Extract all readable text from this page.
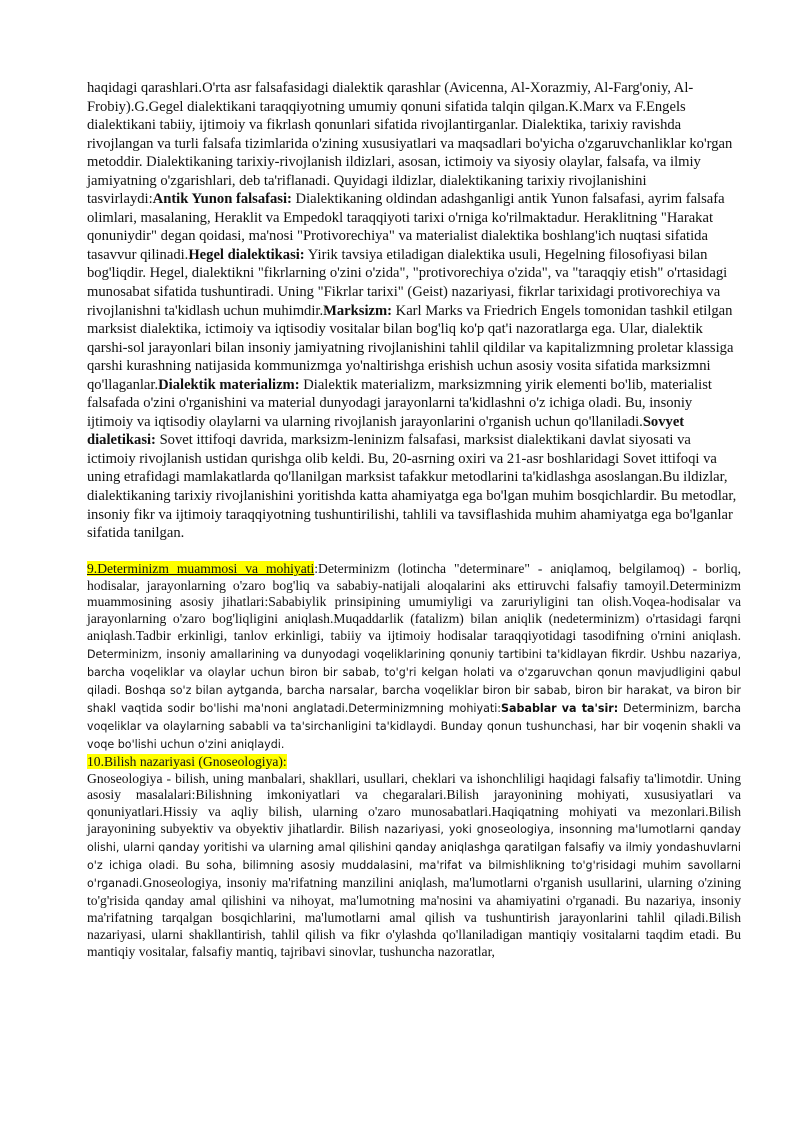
haqidagi qarashlari.O'rta asr falsafasidagi dialektik qarashlar (Avicenna, Al-Xorazmiy, Al-Farg'oniy, Al-Frobiy).G.Gegel dialektikani taraqqiyotning umumiy qonuni sifatida talqin qilgan.K.Marx va F.Engels dialektikani tabiiy, ijtimoiy va fikrlash qonunlari sifatida rivojlantirganlar. Dialektika, tarixiy ravishda rivojlangan va turli falsafa tizimlarida o'zining xususiyatlari va maqsadlari bo'yicha o'zgaruvchanliklar ko'rgan metoddir. Dialektikaning tarixiy-rivojlanish ildizlari, asosan, ictimoiy va siyosiy olaylar, falsafa, va ilmiy jamiyatning o'zgarishlari, deb ta'riflanadi. Quyidagi ildizlar, dialektikaning tarixiy rivojlanishini tasvirlaydi:Antik Yunon falsafasi: Dialektikaning oldindan adashganligi antik Yunon falsafasi, ayrim falsafa olimlari, masalaning, Heraklit va Empedokl taraqqiyoti tarixi o'rniga ko'rilmaktadur. Heraklitning "Harakat qonuniydir" degan qoidasi, ma'nosi "Protivorechiya" va materialist dialektika boshlang'ich nuqtasi sifatida tasavvur qilinadi.Hegel dialektikasi: Yirik tavsiya etiladigan dialektika usuli, Hegelning filosofiyasi bilan bog'liqdir. Hegel, dialektikni "fikrlarning o'zini o'zida", "protivorechiya o'zida", va "taraqqiy etish" o'rtasidagi munosabat sifatida tushuntiradi. Uning "Fikrlar tarixi" (Geist) nazariyasi, fikrlar tarixidagi protivorechiya va rivojlanishni ta'kidlash uchun muhimdir.Marksizm: Karl Marks va Friedrich Engels tomonidan tashkil etilgan marksist dialektika, ictimoiy va iqtisodiy vositalar bilan bog'liq ko'p qat'i nazoratlarga ega. Ular, dialektik qarshi-sol jarayonlari bilan insoniy jamiyatning rivojlanishini tahlil qildilar va kapitalizmning proletar klassiga qarshi kurashning natijasida kommunizmga yo'naltirishga erishish uchun asosiy vosita sifatida marksizmni qo'llaganlar.Dialektik materializm: Dialektik materializm, marksizmning yirik elementi bo'lib, materialist falsafada o'zini o'rganishini va material dunyodagi jarayonlarni ta'kidlashni o'z ichiga oladi. Bu, insoniy ijtimoiy va iqtisodiy olaylarni va ularning rivojlanish jarayonlarini o'rganish uchun qo'llaniladi.Sovyet dialetikasi: Sovet ittifoqi davrida, marksizm-leninizm falsafasi, marksist dialektikani davlat siyosati va ictimoiy rivojlanish ustidan qurishga olib keldi. Bu, 20-asrning oxiri va 21-asr boshlaridagi Sovet ittifoqi va uning etrafidagi mamlakatlarda qo'llanilgan marksist tafakkur metodlarini ta'kidlashga asoslangan.Bu ildizlar, dialektikaning tarixiy rivojlanishini yoritishda katta ahamiyatga ega bo'lgan muhim bosqichlardir. Bu metodlar, insoniy fikr va ijtimoiy taraqqiyotning tushuntirilishi, tahlili va tavsiflashida muhim ahamiyatga ega bo'lganlar sifatida tanilgan.
9.Determinizm muammosi va mohiyati:Determinizm (lotincha "determinare" - aniqlamoq, belgilamoq) - borliq, hodisalar, jarayonlarning o'zaro bog'liq va sababiy-natijali aloqalarini aks ettiruvchi falsafiy tamoyil.Determinizm muammosining asosiy jihatlari:Sababiylik prinsipining umumiyligi va zaruriyligini tan olish.Voqea-hodisalar va jarayonlarning o'zaro bog'liqligini aniqlash.Muqaddarlik (fatalizm) bilan aniqlik (nedeterminizm) o'rtasidagi farqni aniqlash.Tadbir erkinligi, tanlov erkinligi, tabiiy va ijtimoiy hodisalar taraqqiyotidagi tasodifning o'rnini aniqlash. Determinizm, insoniy amallarining va dunyodagi voqeliklarining qonuniy tartibini ta'kidlayan fikrdir. Ushbu nazariya, barcha voqeliklar va olaylar uchun biron bir sabab, to'g'ri kelgan holati va o'zgaruvchan qonun mavjudligini qabul qiladi. Boshqa so'z bilan aytganda, barcha narsalar, barcha voqeliklar biron bir sabab, biron bir harakat, va biron bir shakl vaqtida sodir bo'lishi ma'noni anglatadi.Determinizmning mohiyati:Sabablar va ta'sir: Determinizm, barcha voqeliklar va olaylarning sababli va ta'sirchanligini ta'kidlaydi. Bunday qonun tushunchasi, har bir voqenin shakli va voqe bo'lishi uchun o'zini aniqlaydi.
10.Bilish nazariyasi (Gnoseologiya):
Gnoseologiya - bilish, uning manbalari, shakllari, usullari, cheklari va ishonchliligi haqidagi falsafiy ta'limotdir. Uning asosiy masalalari:Bilishning imkoniyatlari va chegaralari.Bilish jarayonining mohiyati, xususiyatlari va qonuniyatlari.Hissiy va aqliy bilish, ularning o'zaro munosabatlari.Haqiqatning mohiyati va mezonlari.Bilish jarayonining subyektiv va obyektiv jihatlardir. Bilish nazariyasi, yoki gnoseologiya, insonning ma'lumotlarni qanday olishi, ularni qanday yoritishi va ularning amal qilishini qanday aniqlashga qaratilgan falsafiy va ilmiy yondashuvlarni o'z ichiga oladi. Bu soha, bilimning asosiy muddalasini, ma'rifat va bilmishlikning to'g'risidagi muhim savollarni o'rganadi.Gnoseologiya, insoniy ma'rifatning manzilini aniqlash, ma'lumotlarni o'rganish usullarini, ularning o'zining to'g'risida qanday amal qilishini va nihoyat, ma'lumotning ma'nosini va ahamiyatini o'rganadi. Bu nazariya, insoniy ma'rifatning tarqalgan bosqichlarini, ma'lumotlarni amal qilish va tushuntirish jarayonlarini tahlil qiladi.Bilish nazariyasi, ularni shakllantirish, tahlil qilish va fikr o'ylashda qo'llaniladigan mantiqiy vositalarni taqdim etadi. Bu mantiqiy vositalar, falsafiy mantiq, tajribavi sinovlar, tushuncha nazoratlar,
